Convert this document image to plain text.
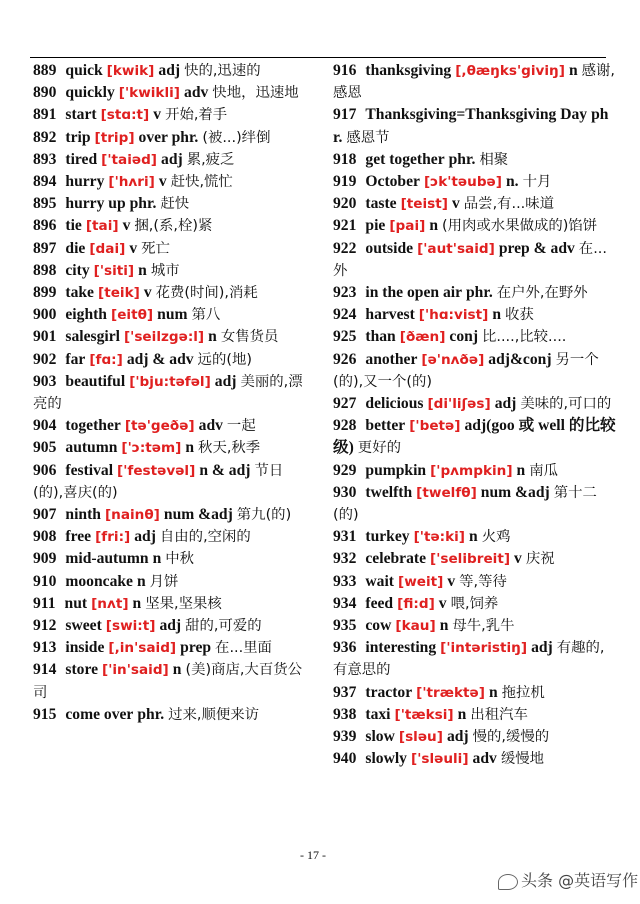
889 quick [kwik] adj 快的,迅速的
890 quickly ['kwikli] adv 快地，迅速地
891 start [stɑ:t] v 开始,着手
892 trip [trip] over phr. (被...)绊倒
893 tired ['taiəd] adj 累,疲乏
894 hurry ['hʌri] v 赶快,慌忙
895 hurry up phr. 赶快
896 tie [tai] v 捆,(系,栓)紧
897 die [dai] v 死亡
898 city ['siti] n 城市
899 take [teik] v 花费(时间),消耗
900 eighth [eitθ] num 第八
901 salesgirl ['seilzgə:l] n 女售货员
902 far [fɑ:] adj & adv 远的(地)
903 beautiful ['bju:təfəl] adj 美丽的,漂亮的
904 together [tə'geðə] adv 一起
905 autumn ['ɔ:təm] n 秋天,秋季
906 festival ['festəvəl] n & adj 节日(的),喜庆(的)
907 ninth [nainθ] num &adj 第九(的)
908 free [fri:] adj 自由的,空闲的
909 mid-autumn n 中秋
910 mooncake n 月饼
911 nut [nʌt] n 坚果,坚果核
912 sweet [swi:t] adj 甜的,可爱的
913 inside [,in'said] prep 在...里面
914 store ['in'said] n (美)商店,大百货公司
915 come over phr. 过来,顺便来访
916 thanksgiving [,θæŋks'giviŋ] n 感谢,感恩
917 Thanksgiving=Thanksgiving Day phr. 感恩节
918 get together phr. 相聚
919 October [ɔk'təubə] n. 十月
920 taste [teist] v 品尝,有...味道
921 pie [pai] n (用肉或水果做成的)馅饼
922 outside ['aut'said] prep & adv 在...外
923 in the open air phr. 在户外,在野外
924 harvest ['hɑ:vist] n 收获
925 than [ðæn] conj 比....,比较....
926 another [ə'nʌðə] adj&conj 另一个(的),又一个(的)
927 delicious [di'liʃəs] adj 美味的,可口的
928 better ['betə] adj(goo 或 well 的比较级) 更好的
929 pumpkin ['pʌmpkin] n 南瓜
930 twelfth [twelfθ] num &adj 第十二(的)
931 turkey ['tə:ki] n 火鸡
932 celebrate ['selibreit] v 庆祝
933 wait [weit] v 等,等待
934 feed [fi:d] v 喂,饲养
935 cow [kau] n 母牛,乳牛
936 interesting ['intəristiŋ] adj 有趣的,有意思的
937 tractor ['træktə] n 拖拉机
938 taxi ['tæksi] n 出租汽车
939 slow [sləu] adj 慢的,缓慢的
940 slowly ['sləuli] adv 缓慢地
- 17 -
头条 @英语写作
